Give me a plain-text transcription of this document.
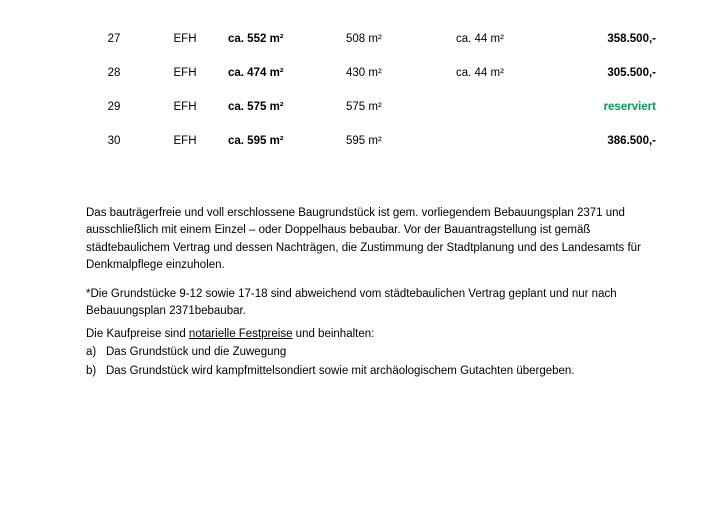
27	EFH	ca. 552 m²	508 m²	ca. 44 m²	358.500,-
28	EFH	ca. 474 m²	430 m²	ca. 44 m²	305.500,-
29	EFH	ca. 575 m²	575 m²		reserviert
30	EFH	ca. 595 m²	595 m²		386.500,-

Das bauträgerfreie und voll erschlossene Baugrundstück ist gem. vorliegendem Bebauungsplan 2371 und

ausschließlich mit einem Einzel – oder Doppelhaus bebaubar. Vor der Bauantragstellung ist gemäß

städtebaulichem Vertrag und dessen Nachträgen, die Zustimmung der Stadtplanung und des Landesamts für

Denkmalpflege einzuholen.

*Die Grundstücke 9-12 sowie 17-18 sind abweichend vom städtebaulichen Vertrag geplant und nur nach

Bebauungsplan 2371bebaubar.

Die Kaufpreise sind notarielle Festpreise und beinhalten:

a) Das Grundstück und die Zuwegung
b) Das Grundstück wird kampfmittelsondiert sowie mit archäologischem Gutachten übergeben.
